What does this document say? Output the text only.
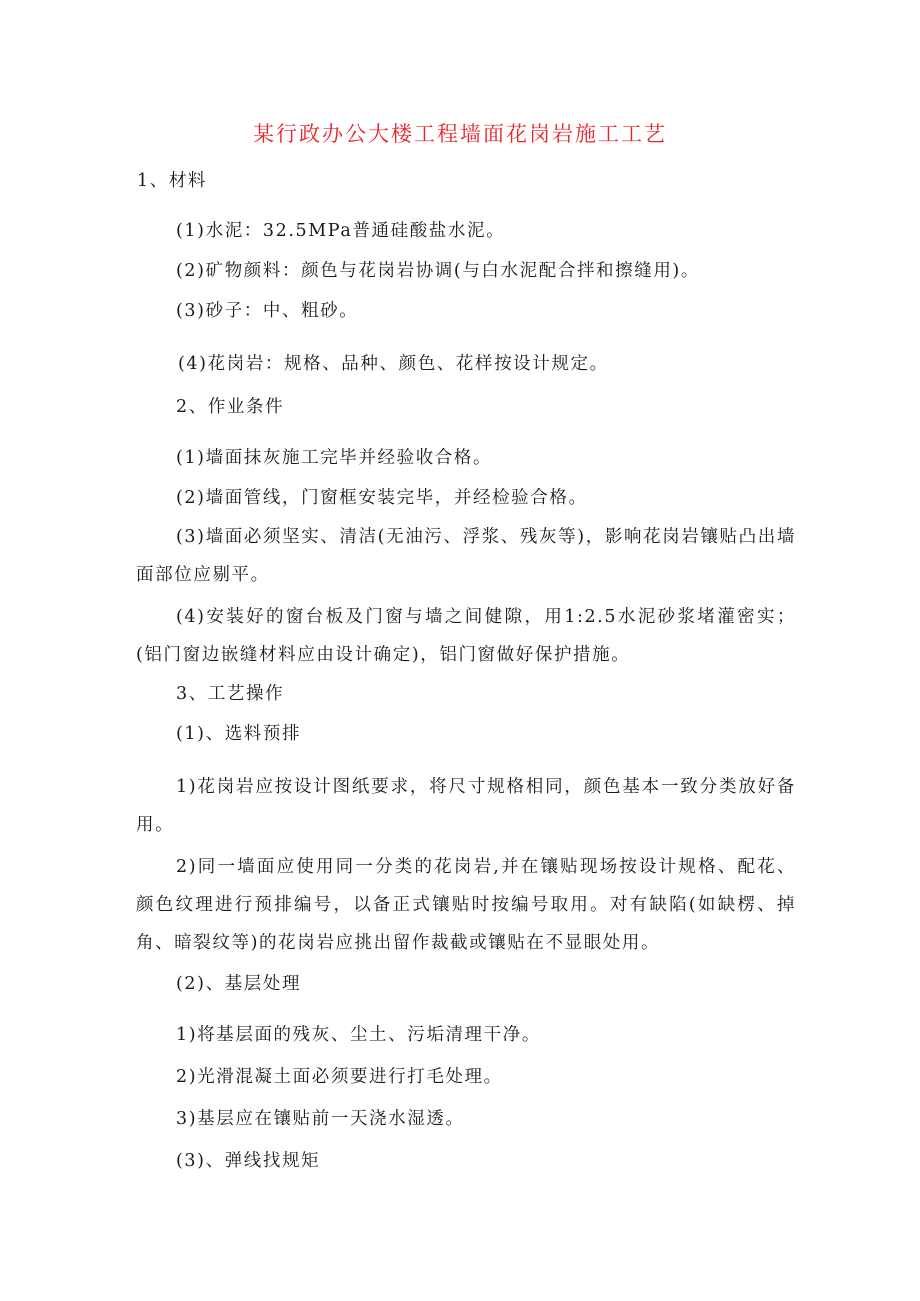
某行政办公大楼工程墙面花岗岩施工工艺
1、材料
(1)水泥：32.5MPa普通硅酸盐水泥。
(2)矿物颜料：颜色与花岗岩协调(与白水泥配合拌和擦缝用)。
(3)砂子：中、粗砂。
(4)花岗岩：规格、品种、颜色、花样按设计规定。
2、作业条件
(1)墙面抹灰施工完毕并经验收合格。
(2)墙面管线，门窗框安装完毕，并经检验合格。
(3)墙面必须坚实、清洁(无油污、浮浆、残灰等)，影响花岗岩镶贴凸出墙面部位应剔平。
(4)安装好的窗台板及门窗与墙之间健隙，用1:2.5水泥砂浆堵灌密实；(铝门窗边嵌缝材料应由设计确定)，铝门窗做好保护措施。
3、工艺操作
(1)、选料预排
1)花岗岩应按设计图纸要求，将尺寸规格相同，颜色基本一致分类放好备用。
2)同一墙面应使用同一分类的花岗岩,并在镶贴现场按设计规格、配花、颜色纹理进行预排编号，以备正式镶贴时按编号取用。对有缺陷(如缺楞、掉角、暗裂纹等)的花岗岩应挑出留作裁截或镶贴在不显眼处用。
(2)、基层处理
1)将基层面的残灰、尘土、污垢清理干净。
2)光滑混凝土面必须要进行打毛处理。
3)基层应在镶贴前一天浇水湿透。
(3)、弹线找规矩
